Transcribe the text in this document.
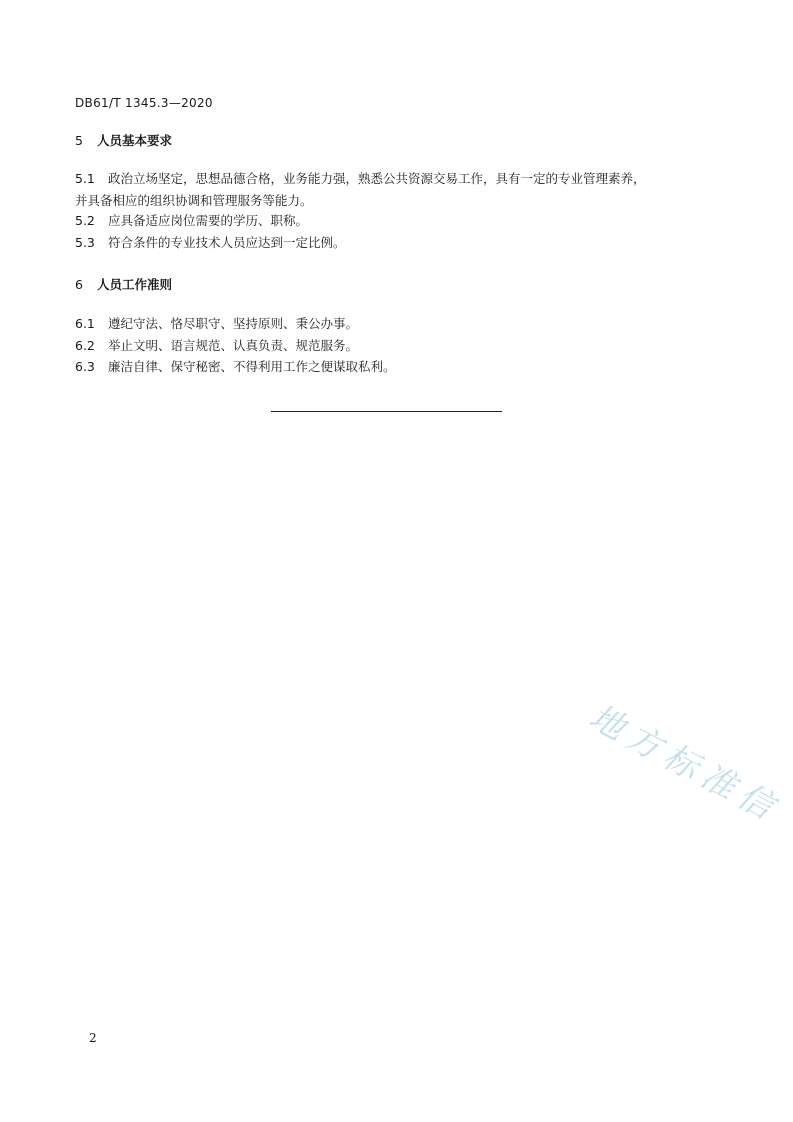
DB61/T 1345.3—2020
5 人员基本要求
5.1 政治立场坚定，思想品德合格，业务能力强，熟悉公共资源交易工作，具有一定的专业管理素养，
并具备相应的组织协调和管理服务等能力。
5.2 应具备适应岗位需要的学历、职称。
5.3 符合条件的专业技术人员应达到一定比例。
6 人员工作准则
6.1 遵纪守法、恪尽职守、坚持原则、秉公办事。
6.2 举止文明、语言规范、认真负责、规范服务。
6.3 廉洁自律、保守秘密、不得利用工作之便谋取私利。
地方标准信
2
